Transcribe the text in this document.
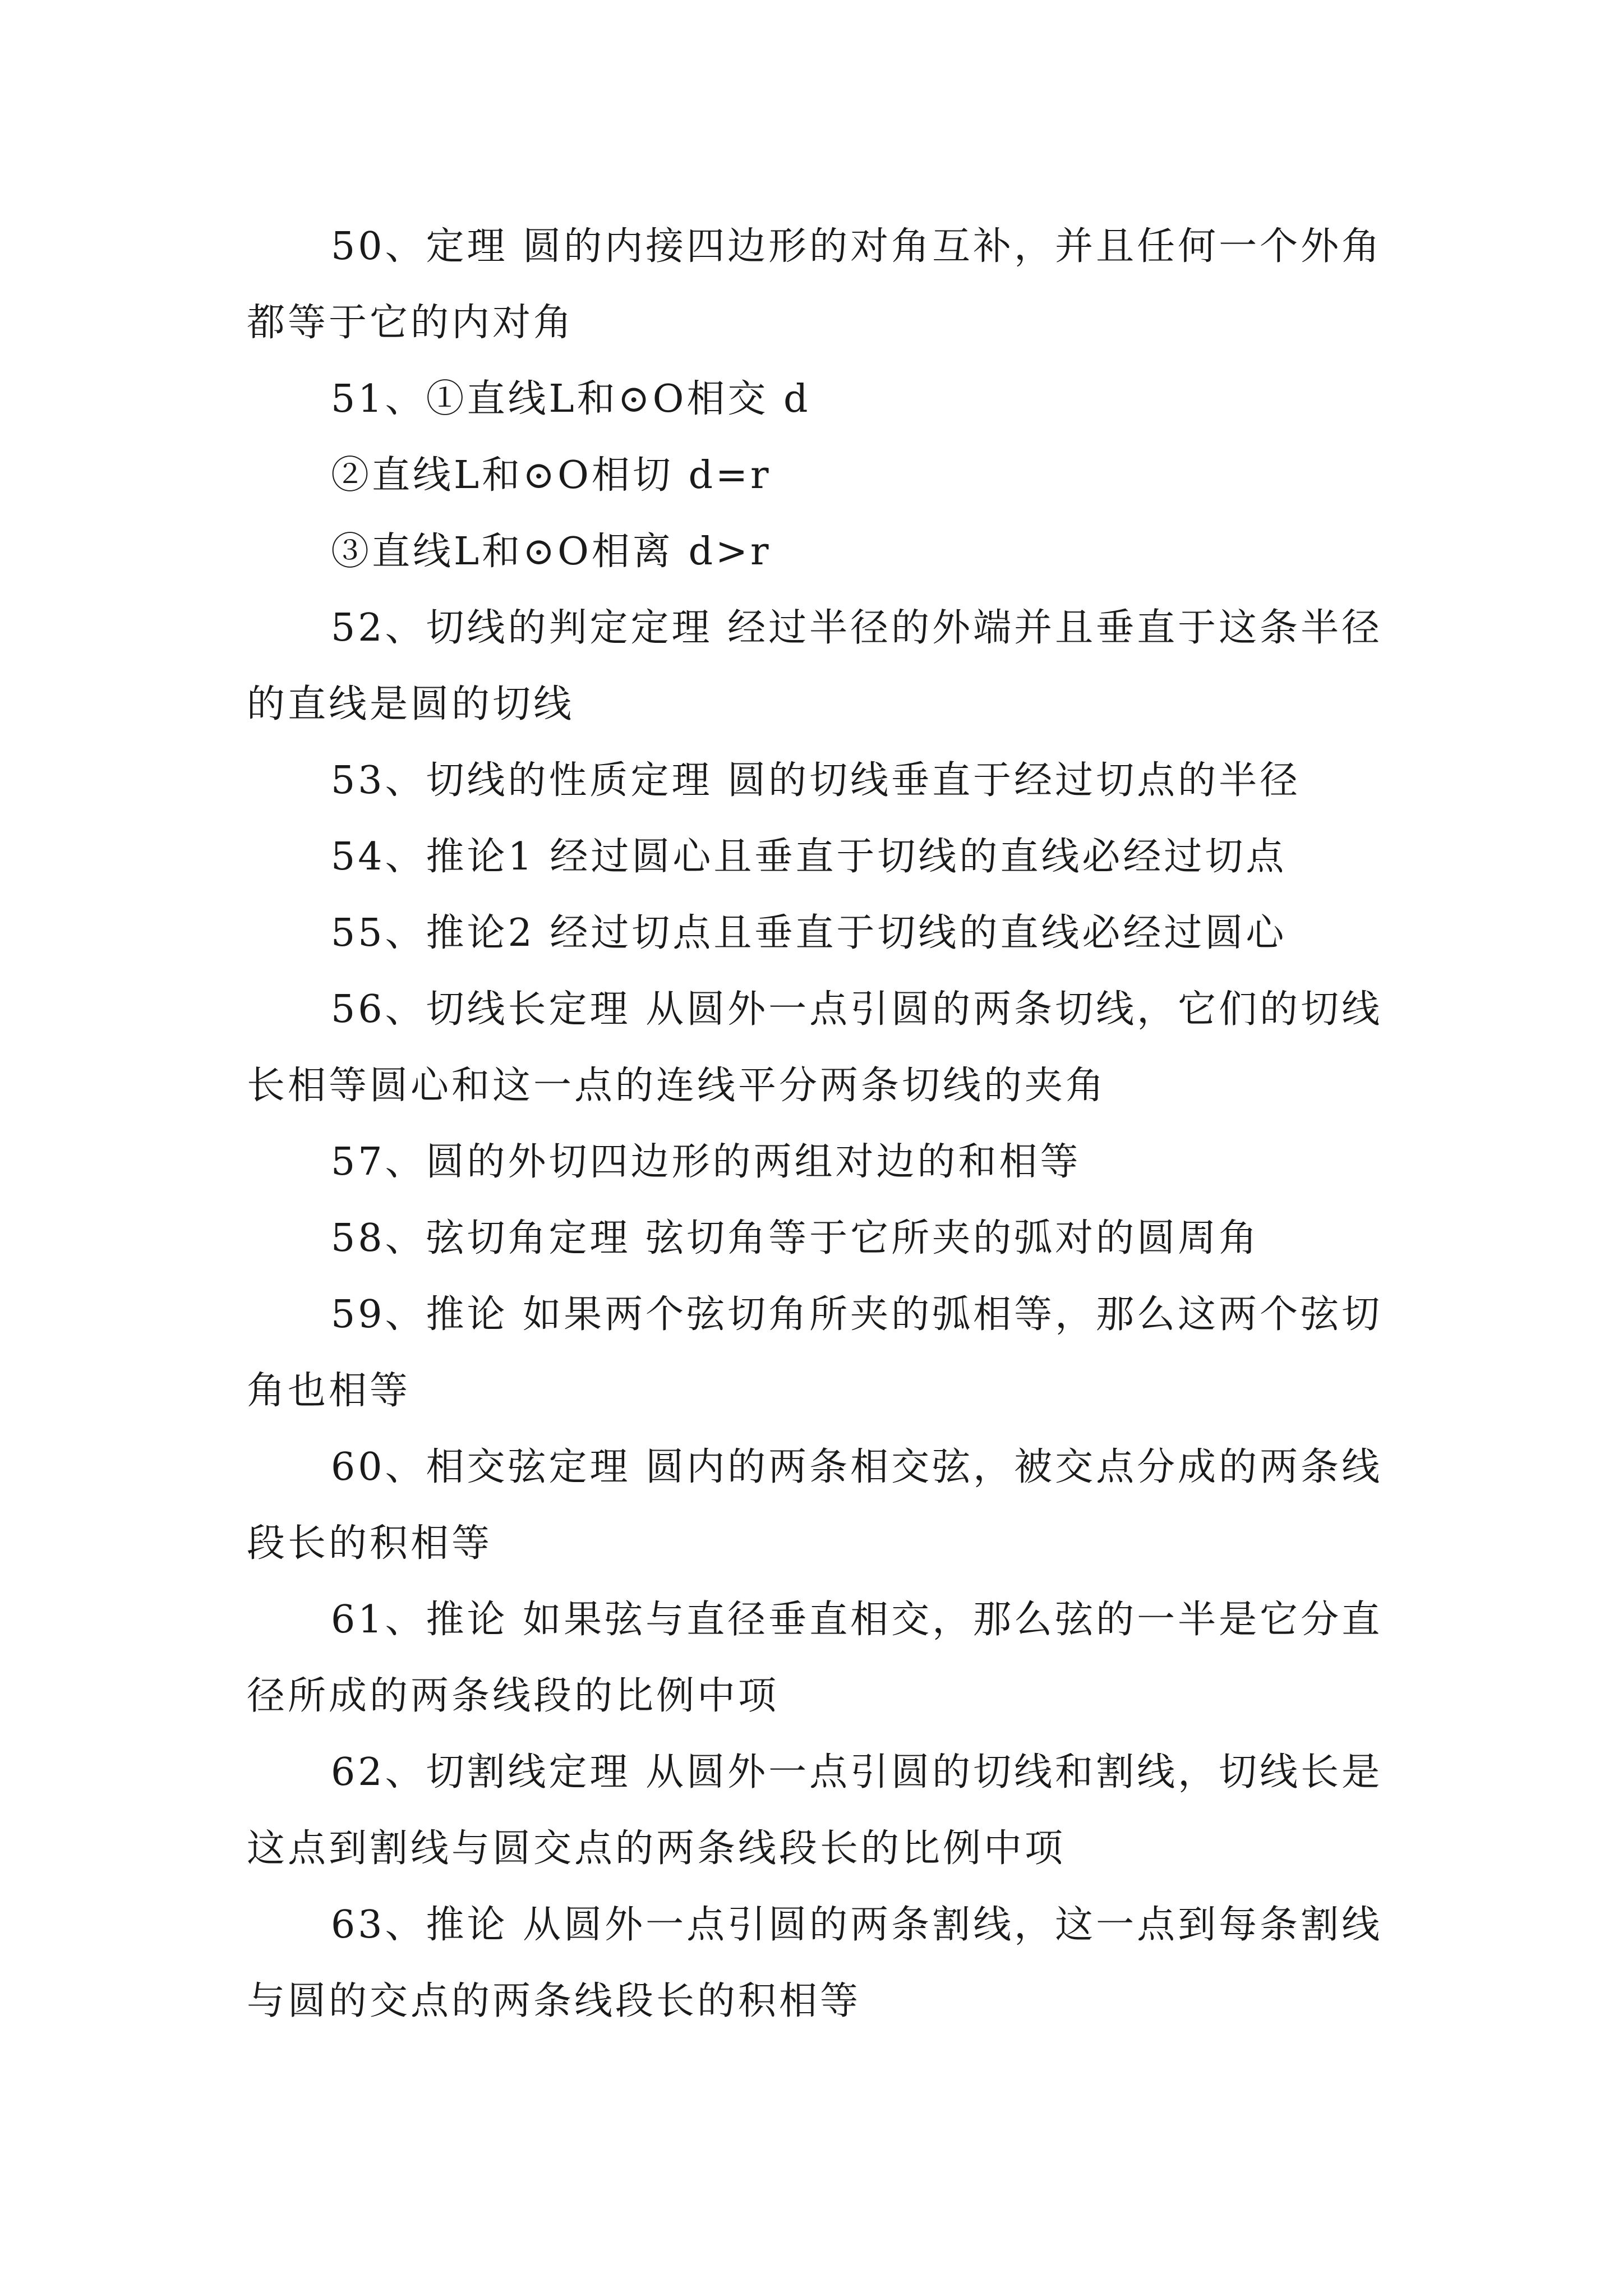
50、定理 圆的内接四边形的对角互补，并且任何一个外角都等于它的内对角

51、①直线L和⊙O相交 d

②直线L和⊙O相切 d=r

③直线L和⊙O相离 d>r

52、切线的判定定理 经过半径的外端并且垂直于这条半径的直线是圆的切线

53、切线的性质定理 圆的切线垂直于经过切点的半径

54、推论1 经过圆心且垂直于切线的直线必经过切点

55、推论2 经过切点且垂直于切线的直线必经过圆心

56、切线长定理 从圆外一点引圆的两条切线，它们的切线长相等圆心和这一点的连线平分两条切线的夹角

57、圆的外切四边形的两组对边的和相等

58、弦切角定理 弦切角等于它所夹的弧对的圆周角

59、推论 如果两个弦切角所夹的弧相等，那么这两个弦切角也相等

60、相交弦定理 圆内的两条相交弦，被交点分成的两条线段长的积相等

61、推论 如果弦与直径垂直相交，那么弦的一半是它分直径所成的两条线段的比例中项

62、切割线定理 从圆外一点引圆的切线和割线，切线长是这点到割线与圆交点的两条线段长的比例中项

63、推论 从圆外一点引圆的两条割线，这一点到每条割线与圆的交点的两条线段长的积相等
